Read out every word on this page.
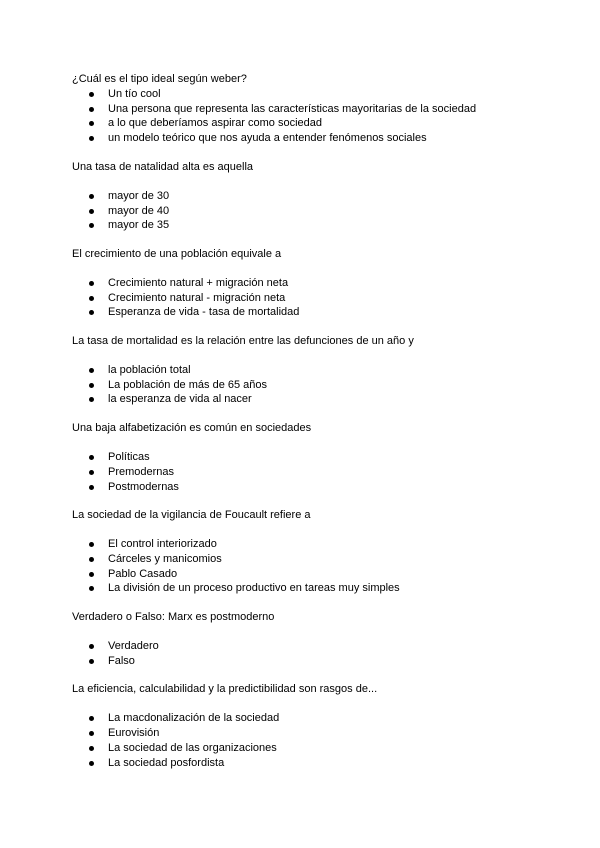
¿Cuál es el tipo ideal según weber?

Un tío cool
Una persona que representa las características mayoritarias de la sociedad
a lo que deberíamos aspirar como sociedad
un modelo teórico que nos ayuda a entender fenómenos sociales

Una tasa de natalidad alta es aquella

mayor de 30
mayor de 40
mayor de 35

El crecimiento de una población equivale a

Crecimiento natural + migración neta
Crecimiento natural - migración neta
Esperanza de vida - tasa de mortalidad

La tasa de mortalidad es la relación entre las defunciones de un año y

la población total
La población de más de 65 años
la esperanza de vida al nacer

Una baja alfabetización es común en sociedades

Políticas
Premodernas
Postmodernas

La sociedad de la vigilancia de Foucault refiere a

El control interiorizado
Cárceles y manicomios
Pablo Casado
La división de un proceso productivo en tareas muy simples

Verdadero o Falso: Marx es postmoderno

Verdadero
Falso

La eficiencia, calculabilidad y la predictibilidad son rasgos de...

La macdonalización de la sociedad
Eurovisión
La sociedad de las organizaciones
La sociedad posfordista
